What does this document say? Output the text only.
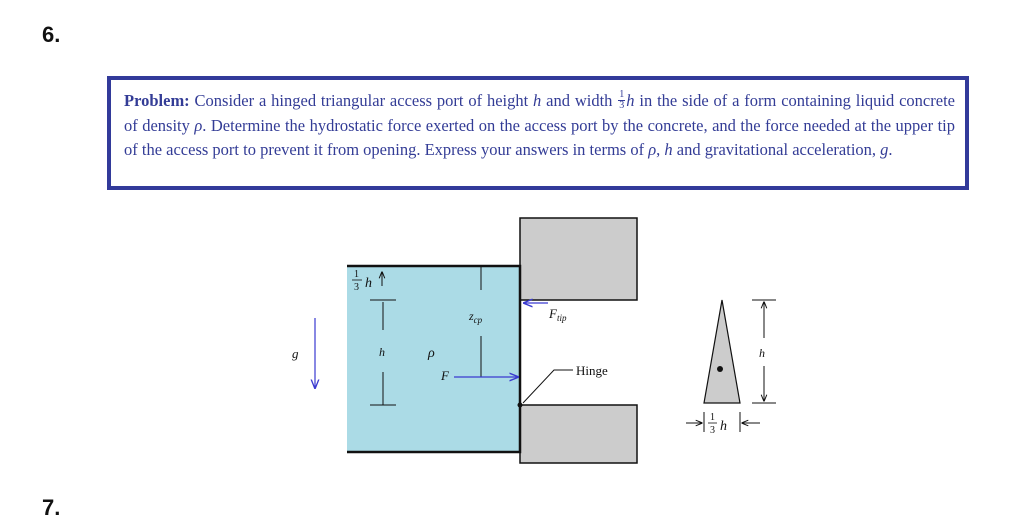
6.
Problem: Consider a hinged triangular access port of height h and width $\frac{1}{3}$ h in the side of a form containing liquid concrete of density ρ. Determine the hydrostatic force exerted on the access port by the concrete, and the force needed at the upper tip of the access port to prevent it from opening. Express your answers in terms of ρ, h and gravitational acceleration, g.
g
1
3 h
h	ρ
$z_{cp}$
F
$F_{tip}$
Hinge
h
1
3 h
7.
